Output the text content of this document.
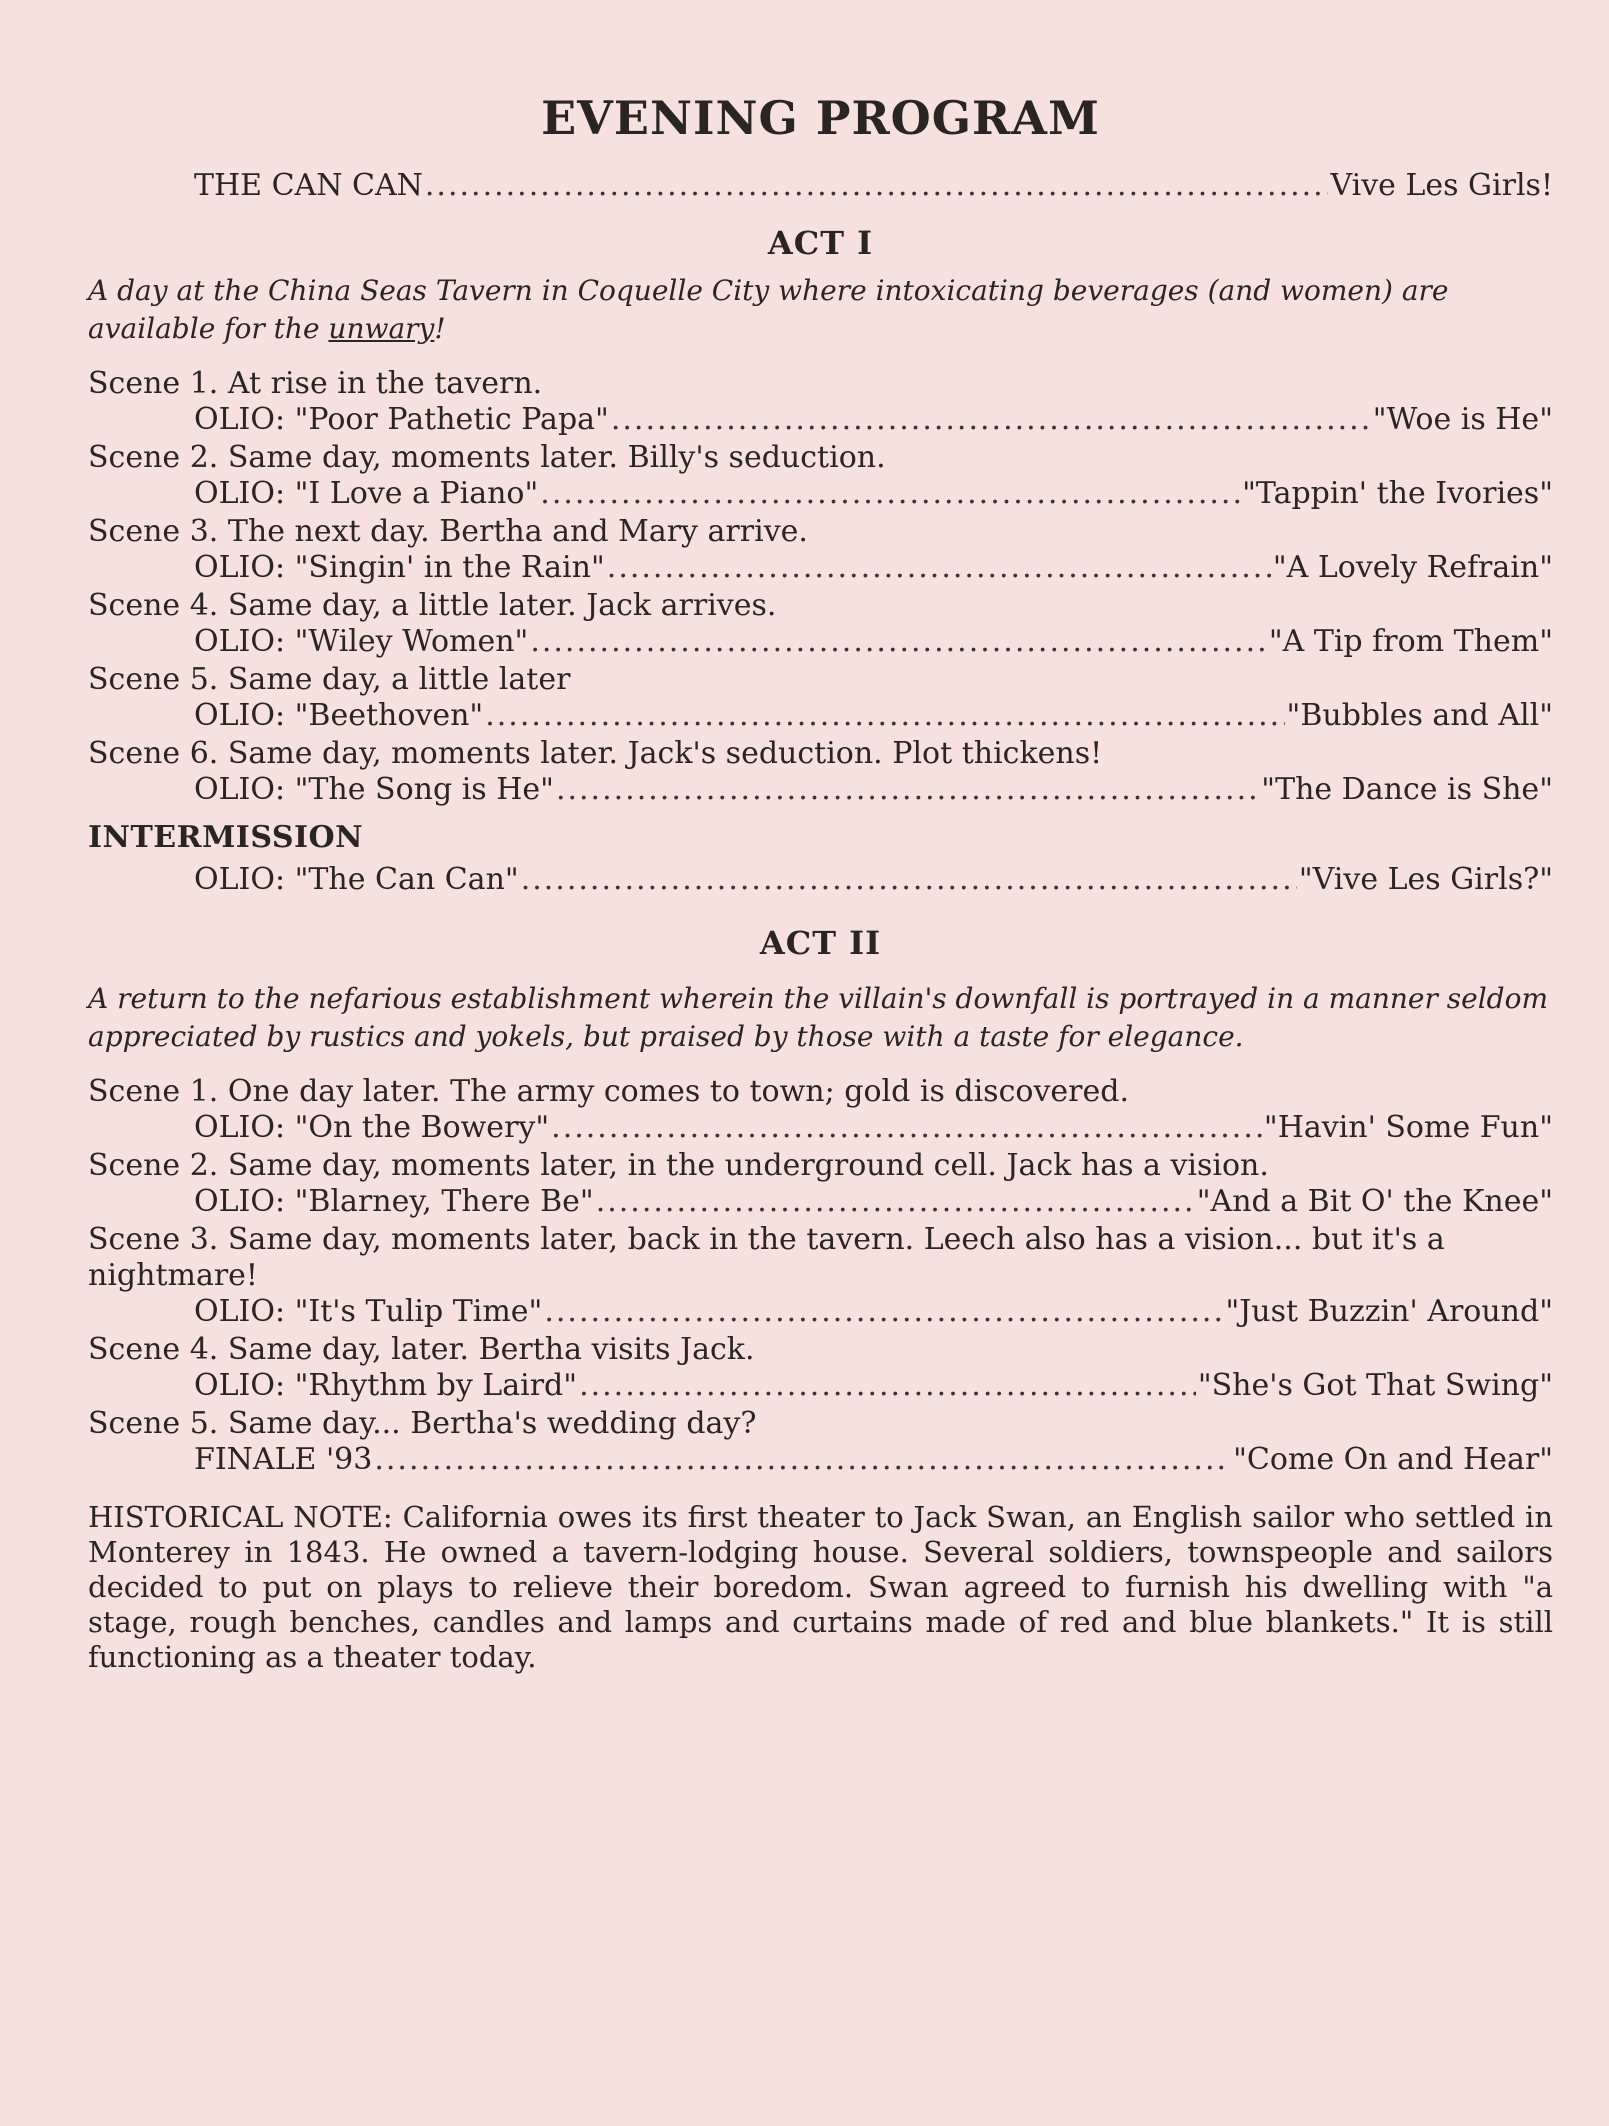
EVENING PROGRAM
THE CAN CAN .....	Vive Les Girls!
ACT I
A day at the China Seas Tavern in Coquelle City where intoxicating beverages (and women) are available for the unwary!
Scene 1. At rise in the tavern.
OLIO: "Poor Pathetic Papa" .....	"Woe is He"
Scene 2. Same day, moments later. Billy's seduction.
OLIO: "I Love a Piano" .....	"Tappin' the Ivories"
Scene 3. The next day. Bertha and Mary arrive.
OLIO: "Singin' in the Rain" .....	"A Lovely Refrain"
Scene 4. Same day, a little later. Jack arrives.
OLIO: "Wiley Women" .....	"A Tip from Them"
Scene 5. Same day, a little later
OLIO: "Beethoven" .....	"Bubbles and All"
Scene 6. Same day, moments later. Jack's seduction. Plot thickens!
OLIO: "The Song is He" .....	"The Dance is She"
INTERMISSION
OLIO: "The Can Can" .....	"Vive Les Girls?"
ACT II
A return to the nefarious establishment wherein the villain's downfall is portrayed in a manner seldom appreciated by rustics and yokels, but praised by those with a taste for elegance.
Scene 1. One day later. The army comes to town; gold is discovered.
OLIO: "On the Bowery" .....	"Havin' Some Fun"
Scene 2. Same day, moments later, in the underground cell. Jack has a vision.
OLIO: "Blarney, There Be" .....	"And a Bit O' the Knee"
Scene 3. Same day, moments later, back in the tavern. Leech also has a vision... but it's a nightmare!
OLIO: "It's Tulip Time" .....	"Just Buzzin' Around"
Scene 4. Same day, later. Bertha visits Jack.
OLIO: "Rhythm by Laird" .....	"She's Got That Swing"
Scene 5. Same day... Bertha's wedding day?
FINALE '93 .....	"Come On and Hear"
HISTORICAL NOTE: California owes its first theater to Jack Swan, an English sailor who settled in Monterey in 1843. He owned a tavern-lodging house. Several soldiers, townspeople and sailors decided to put on plays to relieve their boredom. Swan agreed to furnish his dwelling with "a stage, rough benches, candles and lamps and curtains made of red and blue blankets." It is still functioning as a theater today.
